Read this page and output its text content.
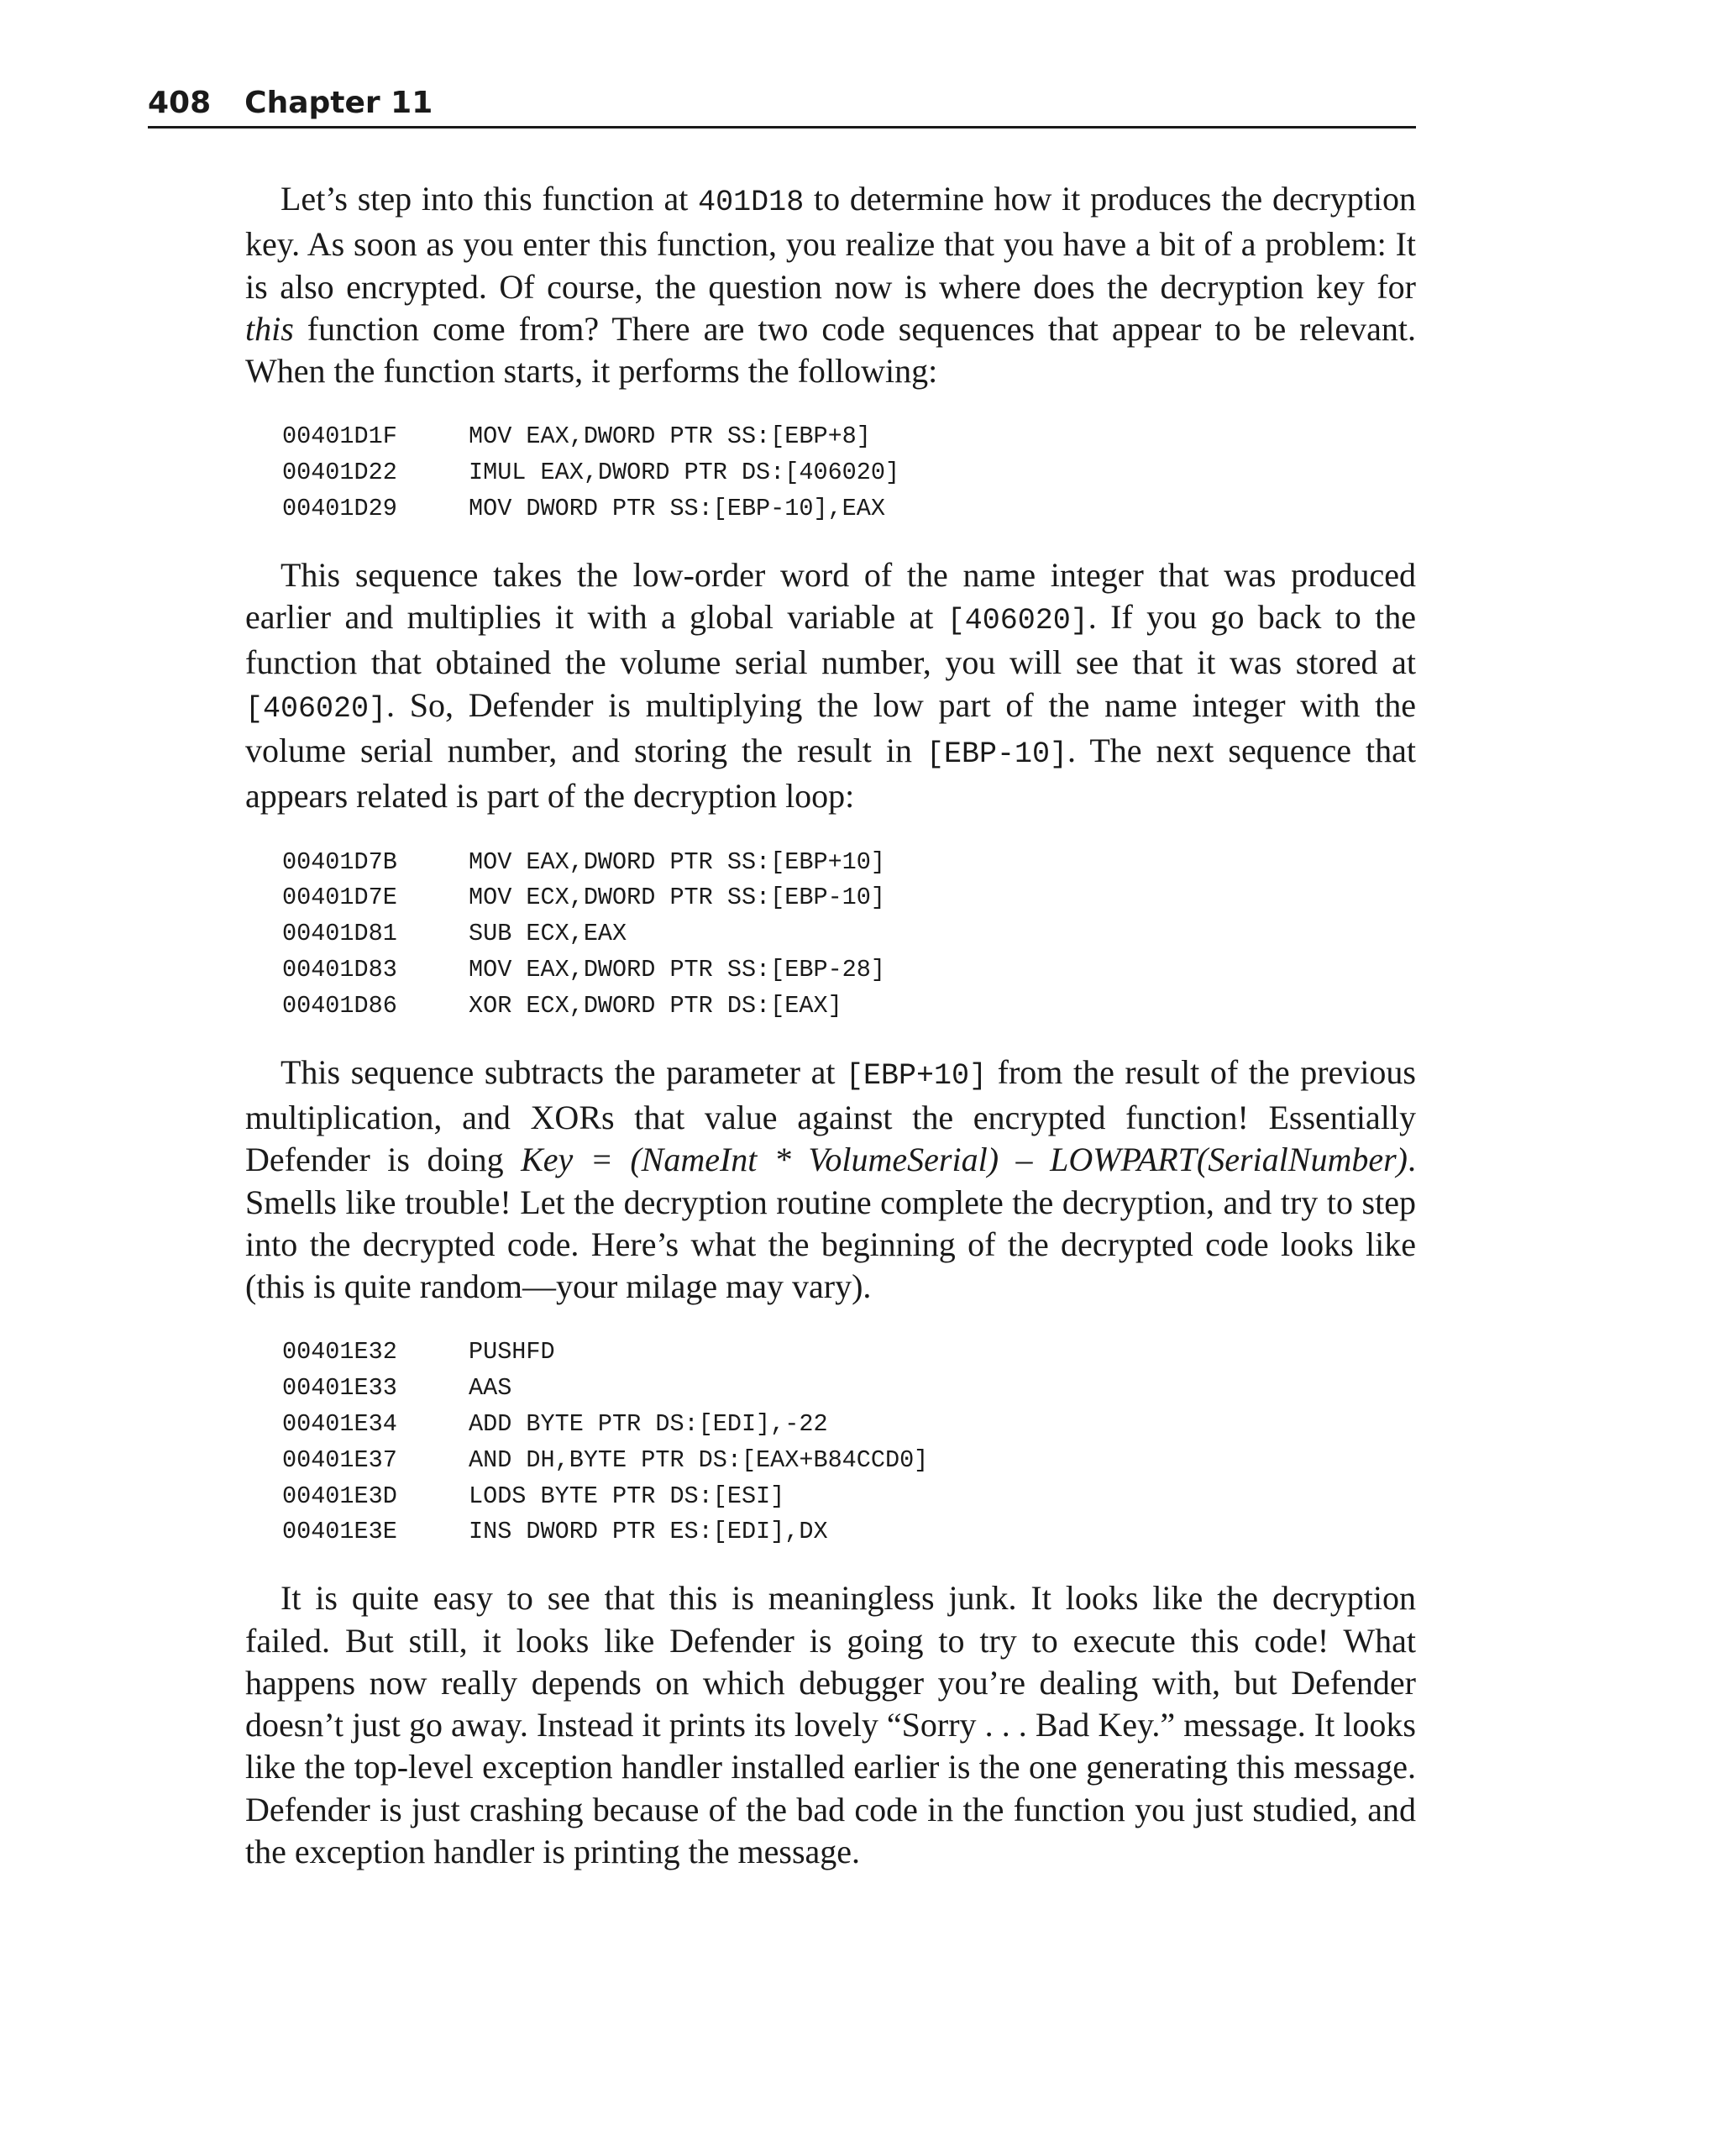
408 Chapter 11

Let’s step into this function at 401D18 to determine how it produces the decryption key. As soon as you enter this function, you realize that you have a bit of a problem: It is also encrypted. Of course, the question now is where does the decryption key for this function come from? There are two code sequences that appear to be relevant. When the function starts, it performs the following:

00401D1F	MOV EAX,DWORD PTR SS:[EBP+8]
00401D22	IMUL EAX,DWORD PTR DS:[406020]
00401D29	MOV DWORD PTR SS:[EBP-10],EAX

This sequence takes the low-order word of the name integer that was produced earlier and multiplies it with a global variable at [406020]. If you go back to the function that obtained the volume serial number, you will see that it was stored at [406020]. So, Defender is multiplying the low part of the name integer with the volume serial number, and storing the result in [EBP-10]. The next sequence that appears related is part of the decryption loop:

00401D7B	MOV EAX,DWORD PTR SS:[EBP+10]
00401D7E	MOV ECX,DWORD PTR SS:[EBP-10]
00401D81	SUB ECX,EAX
00401D83	MOV EAX,DWORD PTR SS:[EBP-28]
00401D86	XOR ECX,DWORD PTR DS:[EAX]

This sequence subtracts the parameter at [EBP+10] from the result of the previous multiplication, and XORs that value against the encrypted function! Essentially Defender is doing Key = (NameInt * VolumeSerial) – LOWPART(SerialNumber). Smells like trouble! Let the decryption routine complete the decryption, and try to step into the decrypted code. Here’s what the beginning of the decrypted code looks like (this is quite random—your milage may vary).

00401E32	PUSHFD
00401E33	AAS
00401E34	ADD BYTE PTR DS:[EDI],-22
00401E37	AND DH,BYTE PTR DS:[EAX+B84CCD0]
00401E3D	LODS BYTE PTR DS:[ESI]
00401E3E	INS DWORD PTR ES:[EDI],DX

It is quite easy to see that this is meaningless junk. It looks like the decryption failed. But still, it looks like Defender is going to try to execute this code! What happens now really depends on which debugger you’re dealing with, but Defender doesn’t just go away. Instead it prints its lovely “Sorry . . . Bad Key.” message. It looks like the top-level exception handler installed earlier is the one generating this message. Defender is just crashing because of the bad code in the function you just studied, and the exception handler is printing the message.
